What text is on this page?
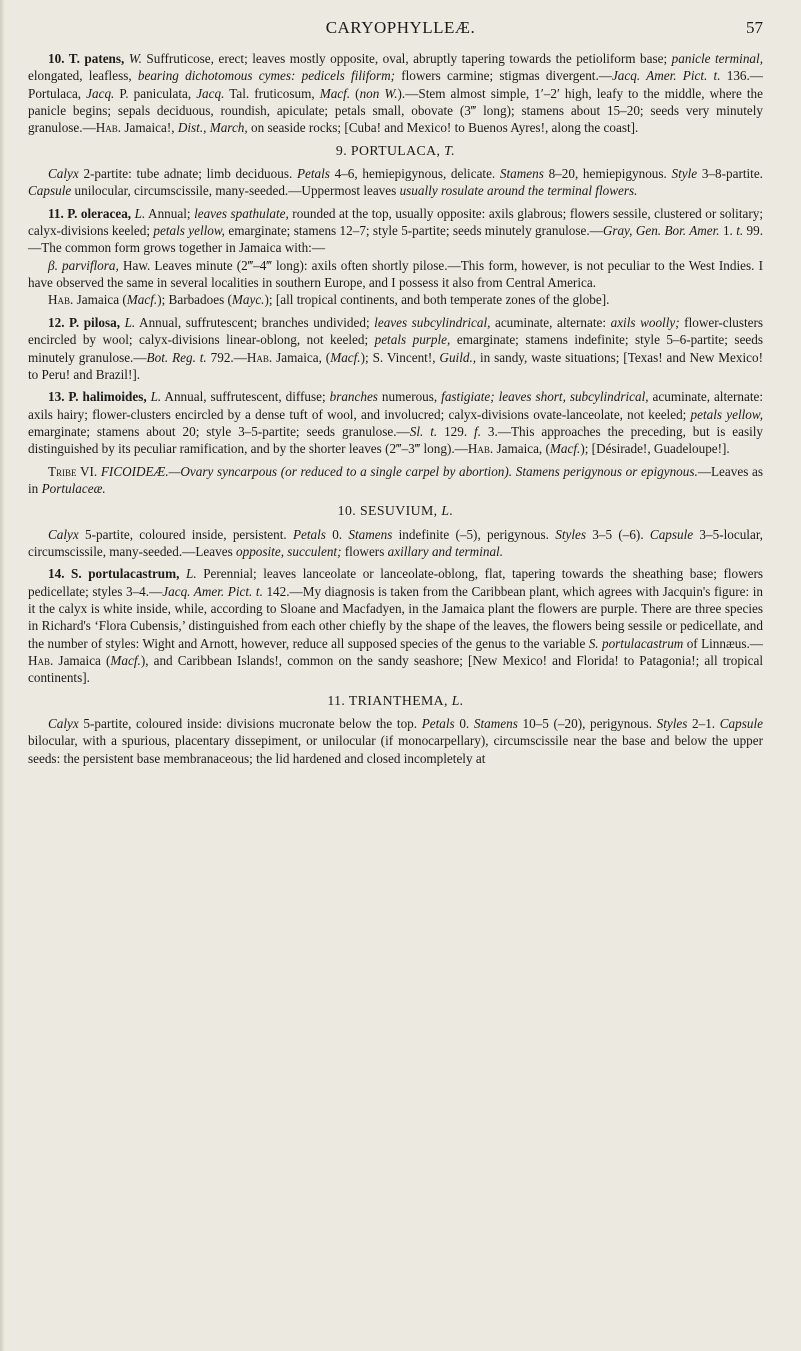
CARYOPHYLLEÆ.	57

10. T. patens, W. Suffruticose, erect; leaves mostly opposite, oval, abruptly tapering towards the petioliform base; panicle terminal, elongated, leafless, bearing dichotomous cymes: pedicels filiform; flowers carmine; stigmas divergent.—Jacq. Amer. Pict. t. 136.—Portulaca, Jacq. P. paniculata, Jacq. Tal. fruticosum, Macf. (non W.).—Stem almost simple, 1′–2′ high, leafy to the middle, where the panicle begins; sepals deciduous, roundish, apiculate; petals small, obovate (3‴ long); stamens about 15–20; seeds very minutely granulose.—Hab. Jamaica!, Dist., March, on seaside rocks; [Cuba! and Mexico! to Buenos Ayres!, along the coast].

9. PORTULACA, T.

Calyx 2-partite: tube adnate; limb deciduous. Petals 4–6, hemiepigynous, delicate. Stamens 8–20, hemiepigynous. Style 3–8-partite. Capsule unilocular, circumscissile, many-seeded.—Uppermost leaves usually rosulate around the terminal flowers.

11. P. oleracea, L. Annual; leaves spathulate, rounded at the top, usually opposite: axils glabrous; flowers sessile, clustered or solitary; calyx-divisions keeled; petals yellow, emarginate; stamens 12–7; style 5-partite; seeds minutely granulose.—Gray, Gen. Bor. Amer. 1. t. 99.—The common form grows together in Jamaica with:—

β. parviflora, Haw. Leaves minute (2‴–4‴ long): axils often shortly pilose.—This form, however, is not peculiar to the West Indies. I have observed the same in several localities in southern Europe, and I possess it also from Central America.

Hab. Jamaica (Macf.); Barbadoes (Mayc.); [all tropical continents, and both temperate zones of the globe].

12. P. pilosa, L. Annual, suffrutescent; branches undivided; leaves subcylindrical, acuminate, alternate: axils woolly; flower-clusters encircled by wool; calyx-divisions linear-oblong, not keeled; petals purple, emarginate; stamens indefinite; style 5–6-partite; seeds minutely granulose.—Bot. Reg. t. 792.—Hab. Jamaica, (Macf.); S. Vincent!, Guild., in sandy, waste situations; [Texas! and New Mexico! to Peru! and Brazil!].

13. P. halimoides, L. Annual, suffrutescent, diffuse; branches numerous, fastigiate; leaves short, subcylindrical, acuminate, alternate: axils hairy; flower-clusters encircled by a dense tuft of wool, and involucred; calyx-divisions ovate-lanceolate, not keeled; petals yellow, emarginate; stamens about 20; style 3–5-partite; seeds granulose.—Sl. t. 129. f. 3.—This approaches the preceding, but is easily distinguished by its peculiar ramification, and by the shorter leaves (2‴–3‴ long).—Hab. Jamaica, (Macf.); [Désirade!, Guadeloupe!].

Tribe VI. FICOIDEÆ.—Ovary syncarpous (or reduced to a single carpel by abortion). Stamens perigynous or epigynous.—Leaves as in Portulaceæ.

10. SESUVIUM, L.

Calyx 5-partite, coloured inside, persistent. Petals 0. Stamens indefinite (–5), perigynous. Styles 3–5 (–6). Capsule 3–5-locular, circumscissile, many-seeded.—Leaves opposite, succulent; flowers axillary and terminal.

14. S. portulacastrum, L. Perennial; leaves lanceolate or lanceolate-oblong, flat, tapering towards the sheathing base; flowers pedicellate; styles 3–4.—Jacq. Amer. Pict. t. 142.—My diagnosis is taken from the Caribbean plant, which agrees with Jacquin's figure: in it the calyx is white inside, while, according to Sloane and Macfadyen, in the Jamaica plant the flowers are purple. There are three species in Richard's ‘Flora Cubensis,’ distinguished from each other chiefly by the shape of the leaves, the flowers being sessile or pedicellate, and the number of styles: Wight and Arnott, however, reduce all supposed species of the genus to the variable S. portulacastrum of Linnæus.—Hab. Jamaica (Macf.), and Caribbean Islands!, common on the sandy seashore; [New Mexico! and Florida! to Patagonia!; all tropical continents].

11. TRIANTHEMA, L.

Calyx 5-partite, coloured inside: divisions mucronate below the top. Petals 0. Stamens 10–5 (–20), perigynous. Styles 2–1. Capsule bilocular, with a spurious, placentary dissepiment, or unilocular (if monocarpellary), circumscissile near the base and below the upper seeds: the persistent base membranaceous; the lid hardened and closed incompletely at
